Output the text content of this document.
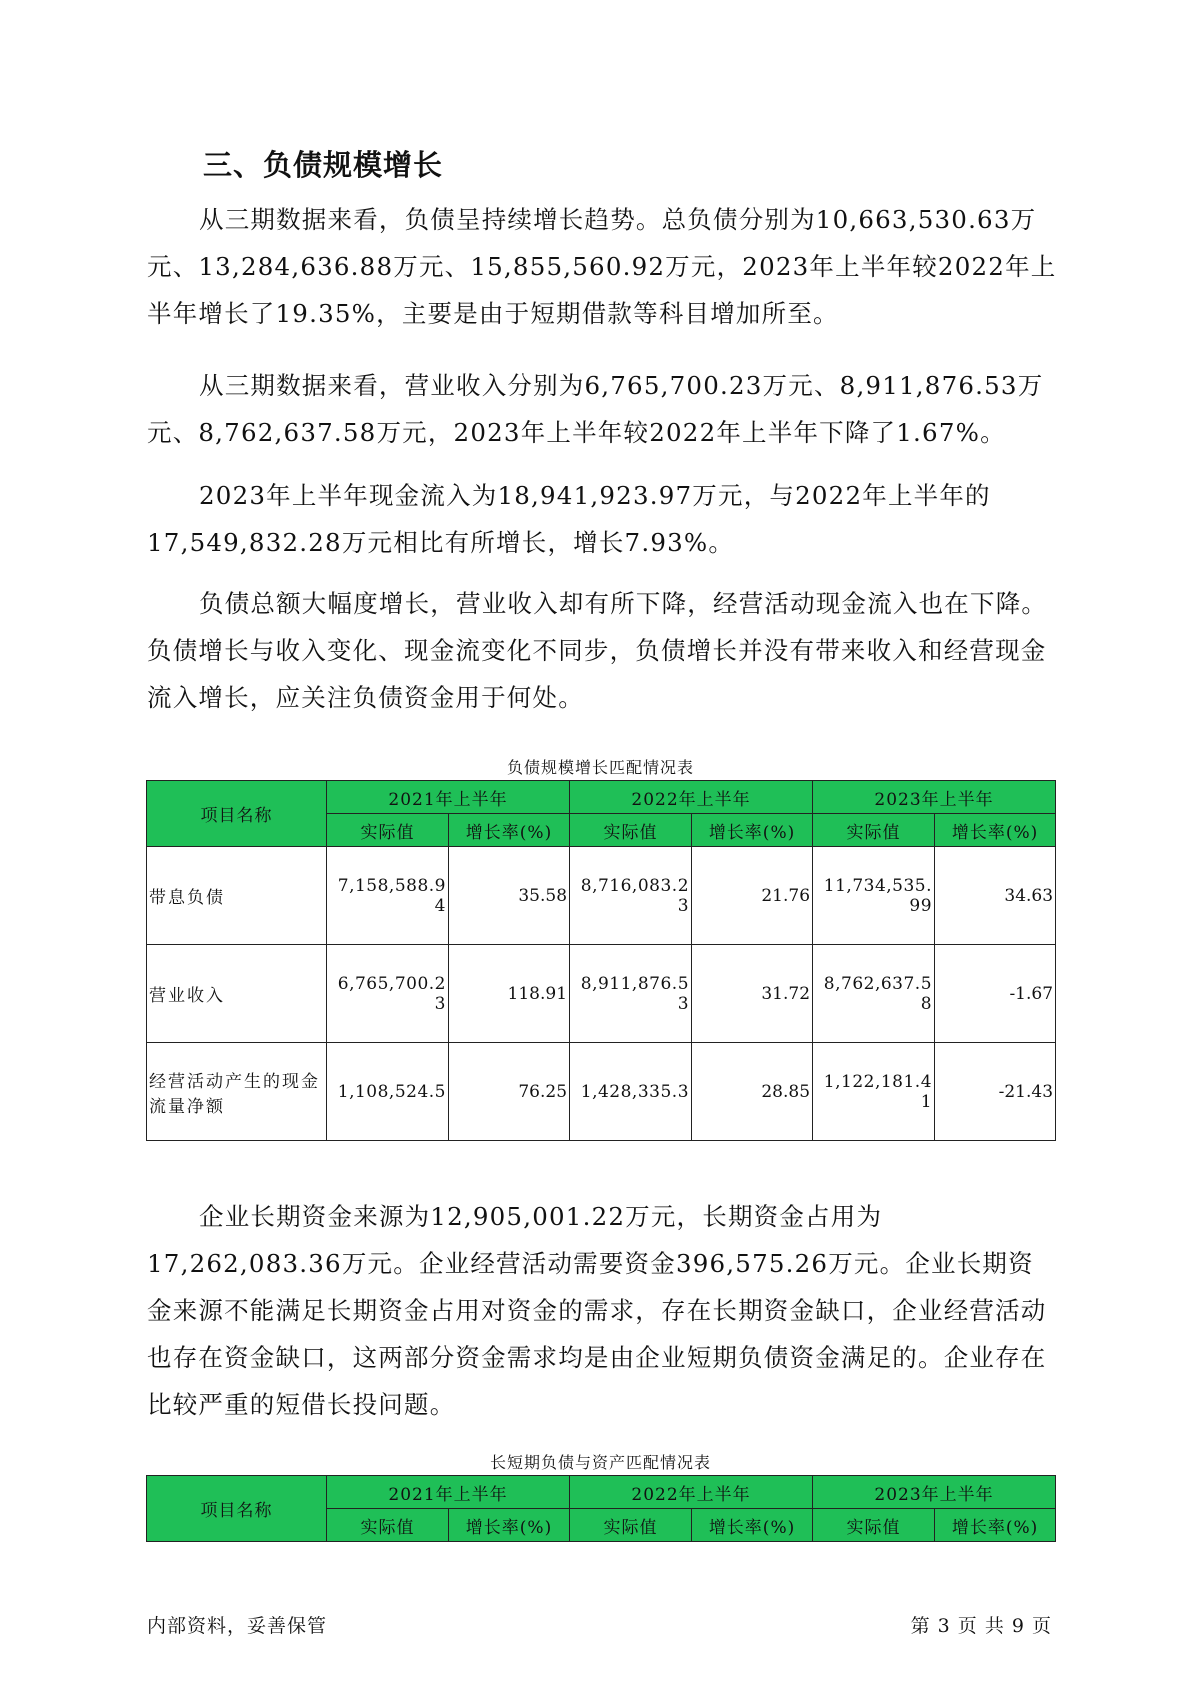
三、负债规模增长

从三期数据来看，负债呈持续增长趋势。总负债分别为10,663,530.63万元、13,284,636.88万元、15,855,560.92万元，2023年上半年较2022年上半年增长了19.35%，主要是由于短期借款等科目增加所至。

从三期数据来看，营业收入分别为6,765,700.23万元、8,911,876.53万元、8,762,637.58万元，2023年上半年较2022年上半年下降了1.67%。

2023年上半年现金流入为18,941,923.97万元，与2022年上半年的17,549,832.28万元相比有所增长，增长7.93%。

负债总额大幅度增长，营业收入却有所下降，经营活动现金流入也在下降。负债增长与收入变化、现金流变化不同步，负债增长并没有带来收入和经营现金流入增长，应关注负债资金用于何处。

负债规模增长匹配情况表
项目名称	2021年上半年		2022年上半年		2023年上半年	
	实际值	增长率(%)	实际值	增长率(%)	实际值	增长率(%)
带息负债	7,158,588.94	35.58	8,716,083.23	21.76	11,734,535.99	34.63
营业收入	6,765,700.23	118.91	8,911,876.53	31.72	8,762,637.58	-1.67
经营活动产生的现金流量净额	1,108,524.5	76.25	1,428,335.3	28.85	1,122,181.41	-21.43

企业长期资金来源为12,905,001.22万元，长期资金占用为17,262,083.36万元。企业经营活动需要资金396,575.26万元。企业长期资金来源不能满足长期资金占用对资金的需求，存在长期资金缺口，企业经营活动也存在资金缺口，这两部分资金需求均是由企业短期负债资金满足的。企业存在比较严重的短借长投问题。

长短期负债与资产匹配情况表
项目名称	2021年上半年		2022年上半年		2023年上半年	
	实际值	增长率(%)	实际值	增长率(%)	实际值	增长率(%)
内部资料，妥善保管	第 3 页 共 9 页
